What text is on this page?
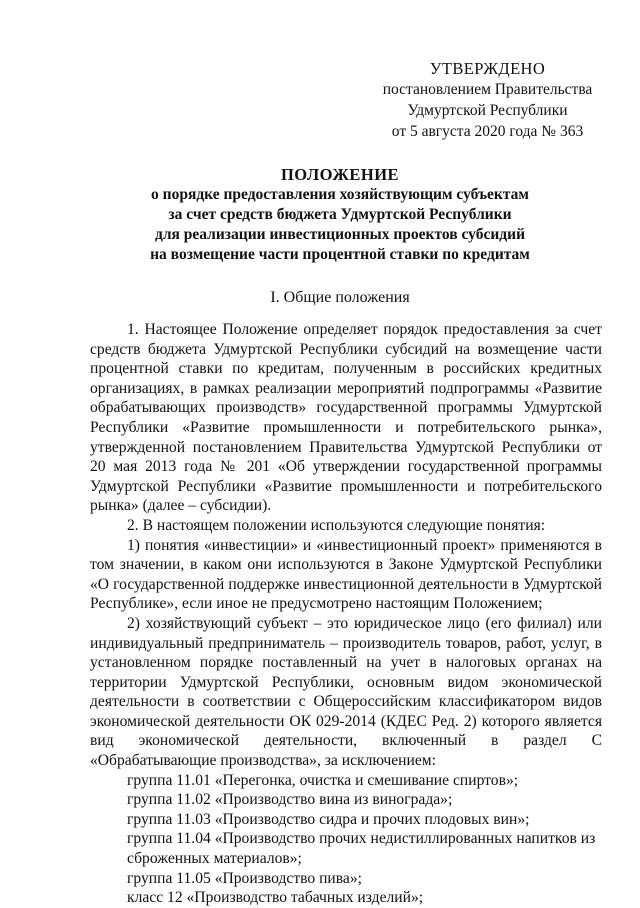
УТВЕРЖДЕНО
постановлением Правительства
Удмуртской Республики
от 5 августа 2020 года № 363
ПОЛОЖЕНИЕ
о порядке предоставления хозяйствующим субъектам
за счет средств бюджета Удмуртской Республики
для реализации инвестиционных проектов субсидий
на возмещение части процентной ставки по кредитам
I. Общие положения

1. Настоящее Положение определяет порядок предоставления за счет средств бюджета Удмуртской Республики субсидий на возмещение части процентной ставки по кредитам, полученным в российских кредитных организациях, в рамках реализации мероприятий подпрограммы «Развитие обрабатывающих производств» государственной программы Удмуртской Республики «Развитие промышленности и потребительского рынка», утвержденной постановлением Правительства Удмуртской Республики от 20 мая 2013 года № 201 «Об утверждении государственной программы Удмуртской Республики «Развитие промышленности и потребительского рынка» (далее – субсидии).

2. В настоящем положении используются следующие понятия:

1) понятия «инвестиции» и «инвестиционный проект» применяются в том значении, в каком они используются в Законе Удмуртской Республики «О государственной поддержке инвестиционной деятельности в Удмуртской Республике», если иное не предусмотрено настоящим Положением;

2) хозяйствующий субъект – это юридическое лицо (его филиал) или индивидуальный предприниматель – производитель товаров, работ, услуг, в установленном порядке поставленный на учет в налоговых органах на территории Удмуртской Республики, основным видом экономической деятельности в соответствии с Общероссийским классификатором видов экономической деятельности ОК 029-2014 (КДЕС Ред. 2) которого является вид экономической деятельности, включенный в раздел С «Обрабатывающие производства», за исключением:

группа 11.01 «Перегонка, очистка и смешивание спиртов»;
группа 11.02 «Производство вина из винограда»;
группа 11.03 «Производство сидра и прочих плодовых вин»;
группа 11.04 «Производство прочих недистиллированных напитков из сброженных материалов»;
группа 11.05 «Производство пива»;
класс 12 «Производство табачных изделий»;
